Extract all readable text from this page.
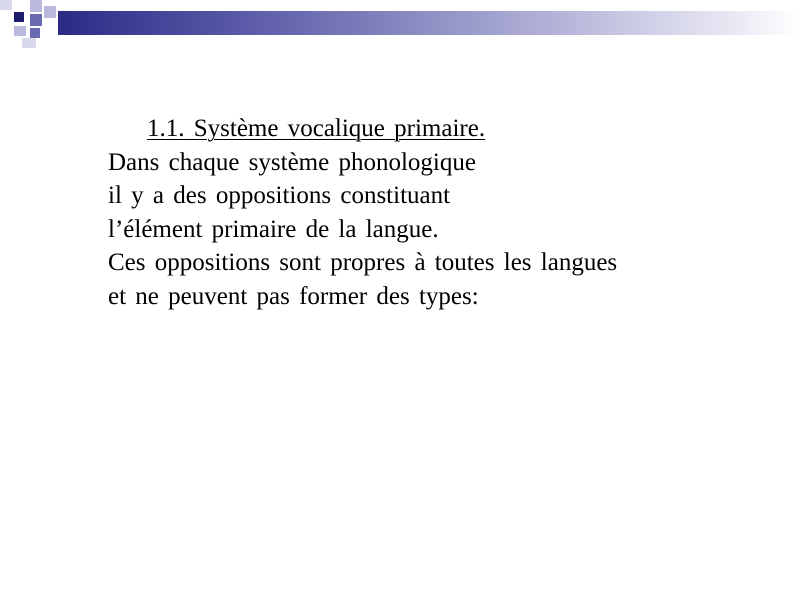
1.1. Système vocalique primaire.
Dans chaque système phonologique
il y a des oppositions constituant
l’élément primaire de la langue.
Ces oppositions sont propres à toutes les langues
et ne peuvent pas former des types:
